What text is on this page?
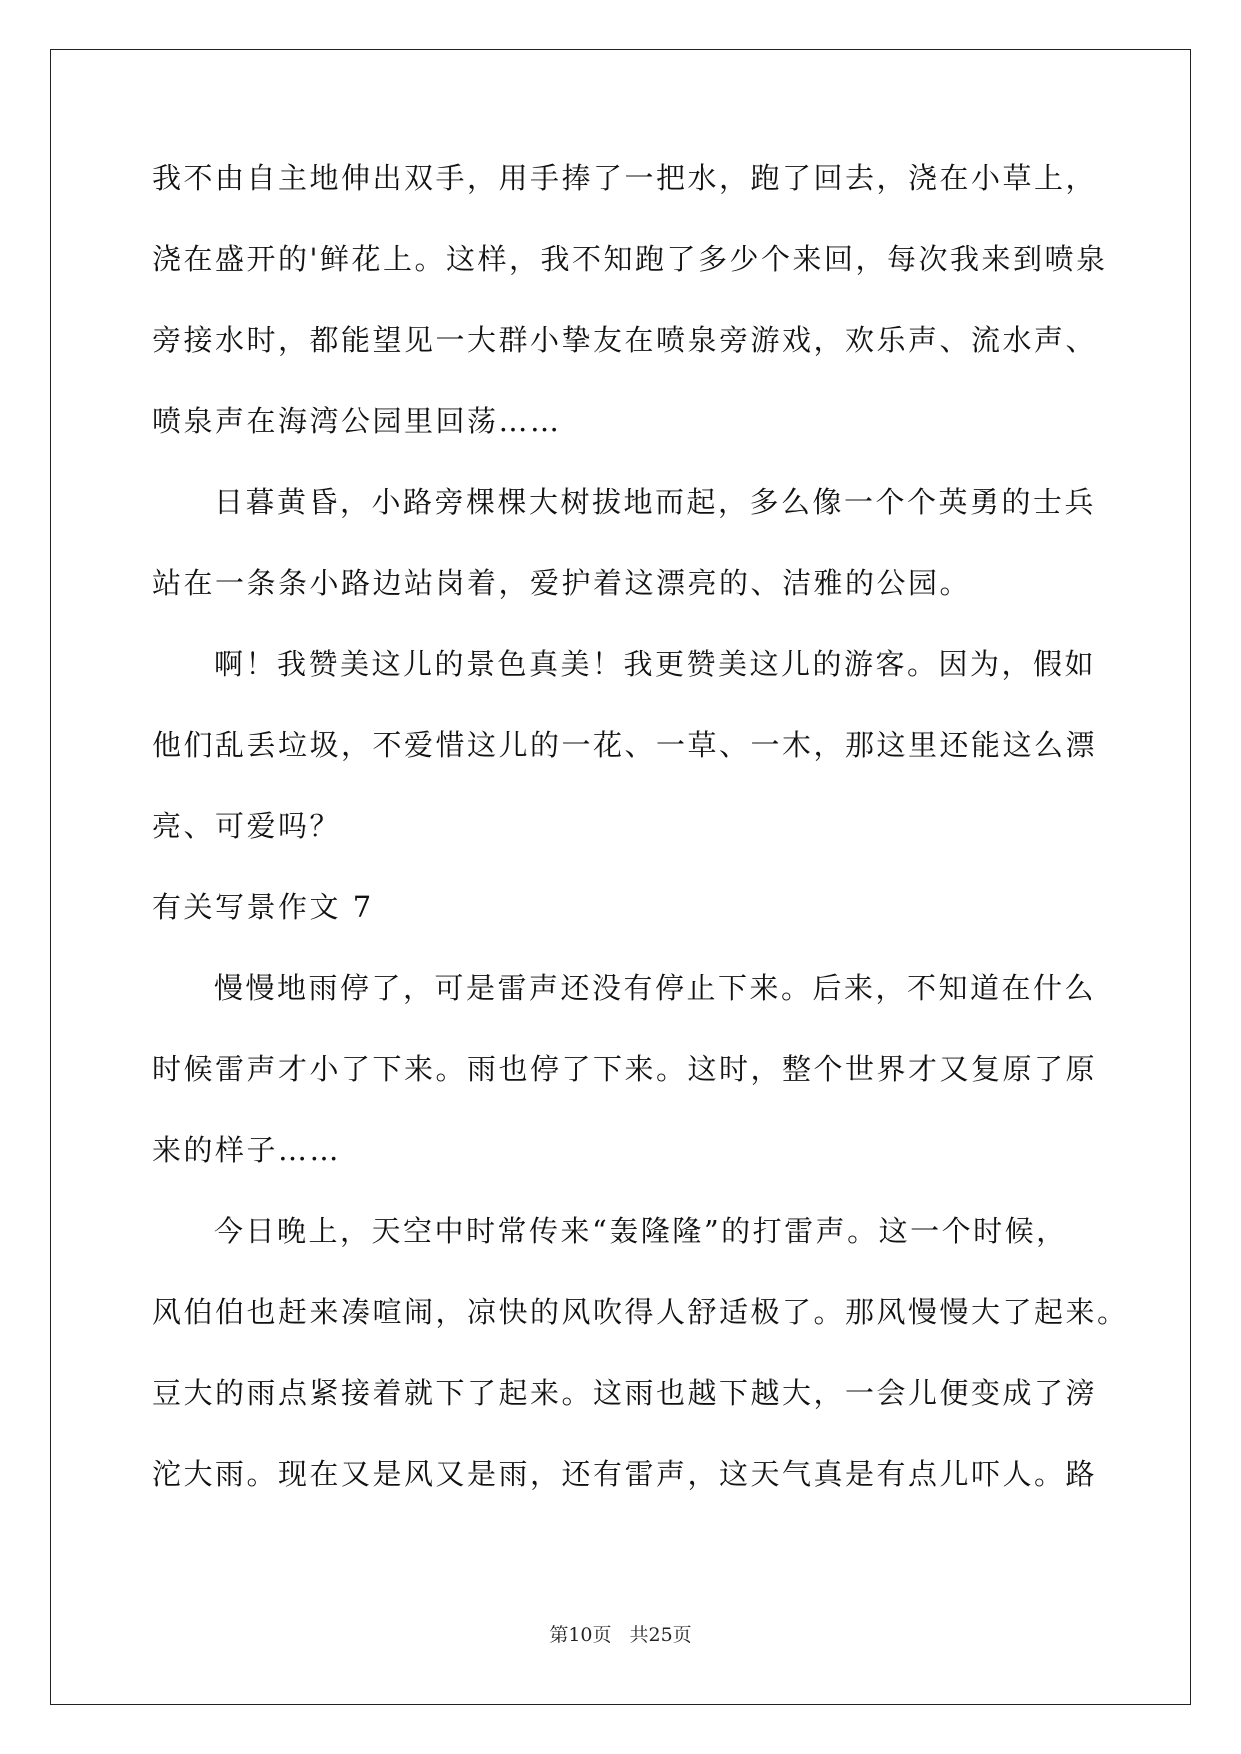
我不由自主地伸出双手，用手捧了一把水，跑了回去，浇在小草上，
浇在盛开的'鲜花上。这样，我不知跑了多少个来回，每次我来到喷泉
旁接水时，都能望见一大群小挚友在喷泉旁游戏，欢乐声、流水声、
喷泉声在海湾公园里回荡……
日暮黄昏，小路旁棵棵大树拔地而起，多么像一个个英勇的士兵
站在一条条小路边站岗着，爱护着这漂亮的、洁雅的公园。
啊！我赞美这儿的景色真美！我更赞美这儿的游客。因为，假如
他们乱丢垃圾，不爱惜这儿的一花、一草、一木，那这里还能这么漂
亮、可爱吗？
有关写景作文 7
慢慢地雨停了，可是雷声还没有停止下来。后来，不知道在什么
时候雷声才小了下来。雨也停了下来。这时，整个世界才又复原了原
来的样子……
今日晚上，天空中时常传来“轰隆隆”的打雷声。这一个时候，
风伯伯也赶来凑喧闹，凉快的风吹得人舒适极了。那风慢慢大了起来。
豆大的雨点紧接着就下了起来。这雨也越下越大，一会儿便变成了滂
沱大雨。现在又是风又是雨，还有雷声，这天气真是有点儿吓人。路
第10页 共25页
